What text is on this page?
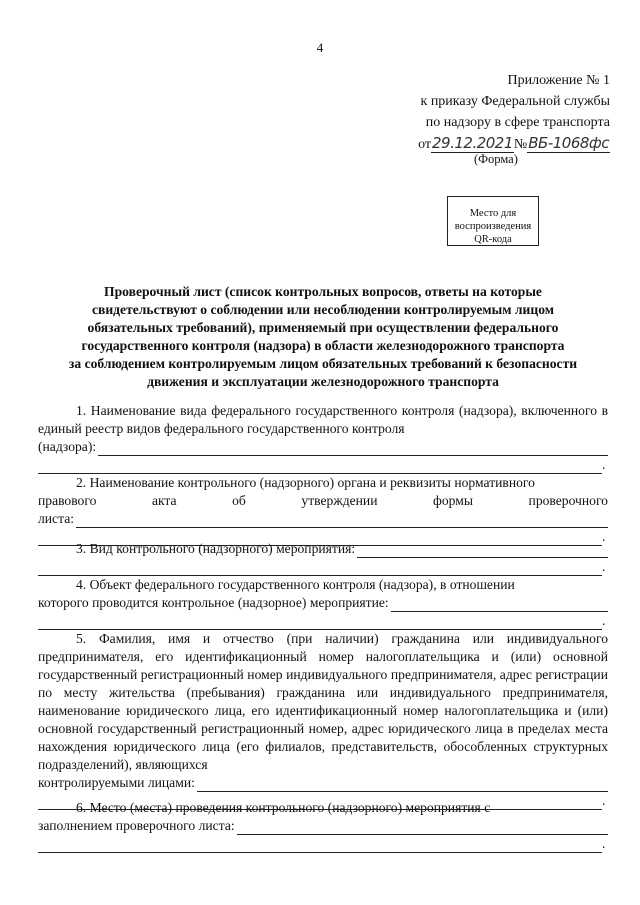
4
Приложение № 1
к приказу Федеральной службы
по надзору в сфере транспорта
от29.12.2021№ВБ-1068фс
(Форма)
Место для
воспроизведения
QR-кода
Проверочный лист (список контрольных вопросов, ответы на которые
свидетельствуют о соблюдении или несоблюдении контролируемым лицом
обязательных требований), применяемый при осуществлении федерального
государственного контроля (надзора) в области железнодорожного транспорта
за соблюдением контролируемым лицом обязательных требований к безопасности
движения и эксплуатации железнодорожного транспорта

1. Наименование вида федерального государственного контроля (надзора), включенного в единый реестр видов федерального государственного контроля

(надзора):
.

2. Наименование контрольного (надзорного) органа и реквизиты нормативного

правового	акта	об	утверждении	формы	проверочного
листа:
.
3. Вид контрольного (надзорного) мероприятия:
.

4. Объект федерального государственного контроля (надзора), в отношении

которого проводится контрольное (надзорное) мероприятие:
.

5. Фамилия, имя и отчество (при наличии) гражданина или индивидуального предпринимателя, его идентификационный номер налогоплательщика и (или) основной государственный регистрационный номер индивидуального предпринимателя, адрес регистрации по месту жительства (пребывания) гражданина или индивидуального предпринимателя, наименование юридического лица, его идентификационный номер налогоплательщика и (или) основной государственный регистрационный номер, адрес юридического лица в пределах места нахождения юридического лица (его филиалов, представительств, обособленных структурных подразделений), являющихся

контролируемыми лицами:
.

6. Место (места) проведения контрольного (надзорного) мероприятия с

заполнением проверочного листа:
.
